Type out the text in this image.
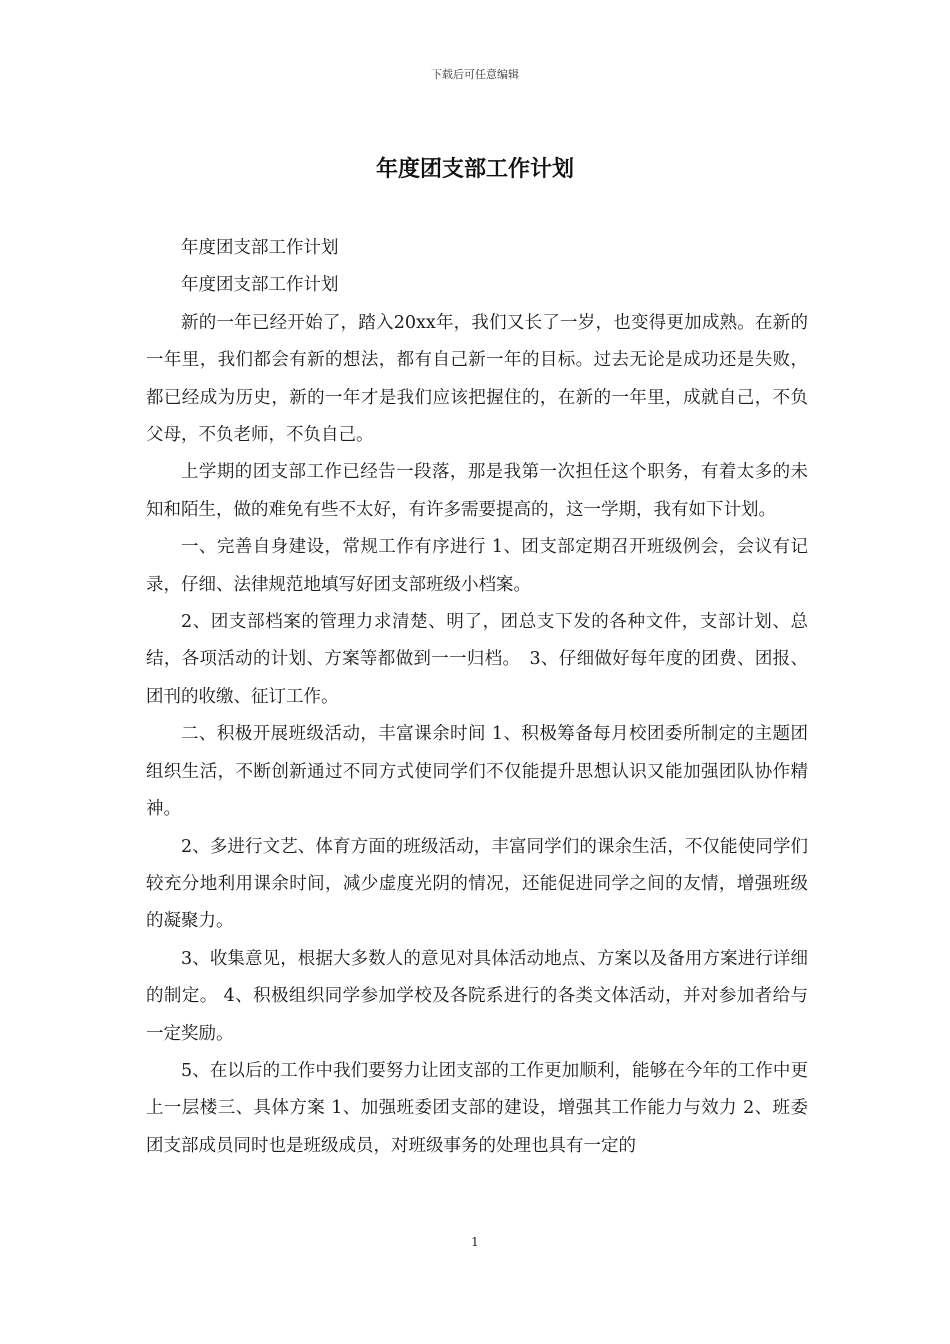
下载后可任意编辑
年度团支部工作计划

年度团支部工作计划

年度团支部工作计划

新的一年已经开始了，踏入20xx年，我们又长了一岁，也变得更加成熟。在新的一年里，我们都会有新的想法，都有自己新一年的目标。过去无论是成功还是失败，都已经成为历史，新的一年才是我们应该把握住的，在新的一年里，成就自己，不负父母，不负老师，不负自己。

上学期的团支部工作已经告一段落，那是我第一次担任这个职务，有着太多的未知和陌生，做的难免有些不太好，有许多需要提高的，这一学期，我有如下计划。

一、完善自身建设，常规工作有序进行 1、团支部定期召开班级例会，会议有记录，仔细、法律规范地填写好团支部班级小档案。

2、团支部档案的管理力求清楚、明了，团总支下发的各种文件，支部计划、总结，各项活动的计划、方案等都做到一一归档。　3、仔细做好每年度的团费、团报、团刊的收缴、征订工作。

二、积极开展班级活动，丰富课余时间 1、积极筹备每月校团委所制定的主题团组织生活，不断创新通过不同方式使同学们不仅能提升思想认识又能加强团队协作精神。

2、多进行文艺、体育方面的班级活动，丰富同学们的课余生活，不仅能使同学们较充分地利用课余时间，减少虚度光阴的情况，还能促进同学之间的友情，增强班级的凝聚力。

3、收集意见，根据大多数人的意见对具体活动地点、方案以及备用方案进行详细的制定。 4、积极组织同学参加学校及各院系进行的各类文体活动，并对参加者给与一定奖励。

5、在以后的工作中我们要努力让团支部的工作更加顺利，能够在今年的工作中更上一层楼三、具体方案 1、加强班委团支部的建设，增强其工作能力与效力 2、班委团支部成员同时也是班级成员，对班级事务的处理也具有一定的

1
